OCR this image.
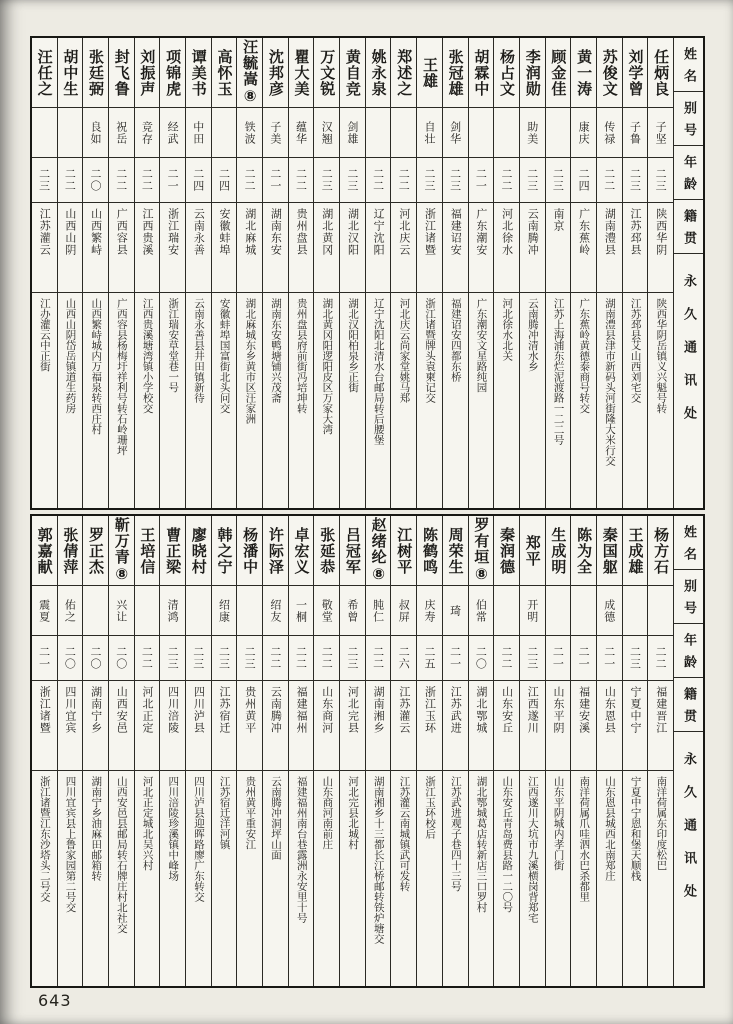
姓名
别号
年龄
籍贯
永久通讯处
任炳良
子坚
二三
陕西华阴
陕西华阴岳镇义兴魁号转
刘学曾
子鲁
二三
江苏邳县
江苏邳县艾山西刘宅交
苏俊文
传禄
二二
湖南澧县
湖南澧县津市新码头河街隆大米行交
黄一涛
康庆
二四
广东蕉岭
广东蕉岭黄德泰商号转交
顾金佳
二三
南京
江苏上海浦东烂泥渡路一二二号
李润勋
助美
二三
云南腾冲
云南腾冲清水乡
杨占文
二二
河北徐水
河北徐水北关
胡霖中
二一
广东潮安
广东潮安文星路纯园
张冠雄
剑华
二三
福建诏安
福建诏安四都东桥
王雄
自壮
二三
浙江诸暨
浙江诸暨牌头袁柬记交
郑述之
二二
河北庆云
河北庆云尚家堂姚马郑
姚永泉
二二
辽宁沈阳
辽宁沈阳北清水台邮局转后腰堡
黄自竞
剑雄
二三
湖北汉阳
湖北汉阳柏泉乡正街
万文锐
汉翘
二三
湖北黄冈
湖北黄冈阳逻阳皮区万家大湾
瞿大美
蕴华
二二
贵州盘县
贵州盘县府前街冯培坤转
沈邦彦
子美
二一
湖南东安
湖南东安鸭塘铺兴茂斋
汪毓嵩⑧
铁波
二二
湖北麻城
湖北麻城东乡黄市区汪家洲
高怀玉
二四
安徽蚌埠
安徽蚌埠国富街北头问交
谭美书
中田
二四
云南永善
云南永善县井田镇新待
项锦虎
经武
二一
浙江瑞安
浙江瑞安草堂巷一号
刘振声
竞存
二二
江西贵溪
江西贵溪塘湾镇小学校交
封飞鲁
祝岳
二二
广西容县
广西容县杨梅圩祥利号转石岭珊坪
张廷弼
良如
二〇
山西繁峙
山西繁峙城内万福泉转西庄村
胡中生
二二
山西山阴
山西山阴岱岳镇道生药房
汪任之
二三
江苏灌云
江办灌云中正街
姓名
别号
年龄
籍贯
永久通讯处
杨方石
二二
福建晋江
南洋荷属东印度松巴
王成雄
二三
宁夏中宁
宁夏中宁恩和堡天顺栈
秦国躯
成德
二一
山东恩县
山东恩县城西北南郑庄
陈为全
二一
福建安溪
南洋荷属爪哇泗水巴杀都里
生成明
二一
山东平阴
山东平阴城内孝门街
郑平
开明
二三
江西遂川
江西遂川大坑市九溪横岗背郑宅
秦润德
二二
山东安丘
山东安丘青岛费县路一二〇号
罗有垣⑧
伯常
二〇
湖北鄂城
湖北鄂城葛店转新店三口罗村
周荣生
琦
二一
江苏武进
江苏武进观子巷四十三号
陈鹤鸣
庆寿
二五
浙江玉环
浙江玉环校后
江树平
叔屏
二六
江苏灌云
江苏灌云南城镇武可发转
赵绪纶⑧
肫仁
二二
湖南湘乡
湖南湘乡十三都长江桥邮转铁炉塘交
吕冠军
希曾
二三
河北完县
河北完县北城村
张延恭
敬堂
二二
山东商河
山东商河南前庄
卓宏义
一桐
二二
福建福州
福建福州南台巷露洲永安里十号
许际泽
绍友
二二
云南腾冲
云南腾冲洞坪山面
杨潘中
二三
贵州黄平
贵州黄平重安江
韩之宁
绍康
二三
江苏宿迁
江苏宿迁洋河镇
廖晓村
二三
四川泸县
四川泸县迎晖路廖广东转交
曹正梁
清鸿
二三
四川涪陵
四川涪陵珍溪镇中峰场
王培信
二二
河北正定
河北正定城北吴兴村
靳万青⑧
兴让
二〇
山西安邑
山西安邑县邮局转石牌庄村北社交
罗正杰
二〇
湖南宁乡
湖南宁乡油麻田邮箱转
张倩萍
佑之
二〇
四川宜宾
四川宜宾县上鲁家园第二号交
郭嘉献
震夏
二一
浙江诸暨
浙江诸暨江东沙塔头二号交
643
